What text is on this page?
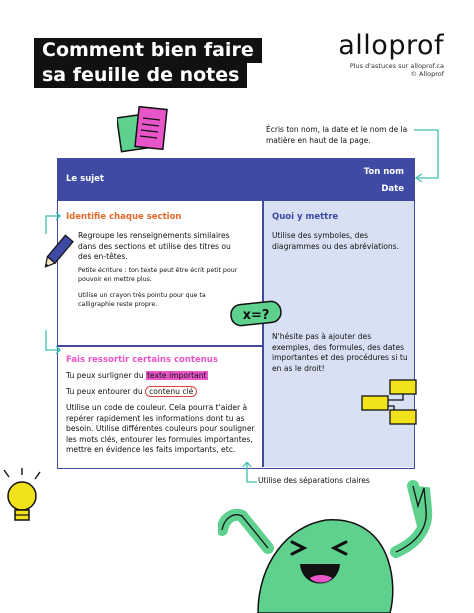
Comment bien faire
sa feuille de notes
alloprof
Plus d'astuces sur alloprof.ca
© Alloprof
Écris ton nom, la date et le nom de la matière en haut de la page.
Le sujet
Ton nom
Date
Identifie chaque section
Regroupe les renseignements similaires dans des sections et utilise des titres ou des en-têtes.
Petite écriture : ton texte peut être écrit petit pour pouvoir en mettre plus.
Utilise un crayon très pointu pour que ta calligraphie reste propre.
Fais ressortir certains contenus
Tu peux surligner du texte important
Tu peux entourer du contenu clé
Utilise un code de couleur. Cela pourra t'aider à repérer rapidement les informations dont tu as besoin. Utilise différentes couleurs pour souligner les mots clés, entourer les formules importantes, mettre en évidence les faits importants, etc.
Quoi y mettre
Utilise des symboles, des diagrammes ou des abréviations.
N'hésite pas à ajouter des exemples, des formules, des dates importantes et des procédures si tu en as le droit!
x=?
Utilise des séparations claires
